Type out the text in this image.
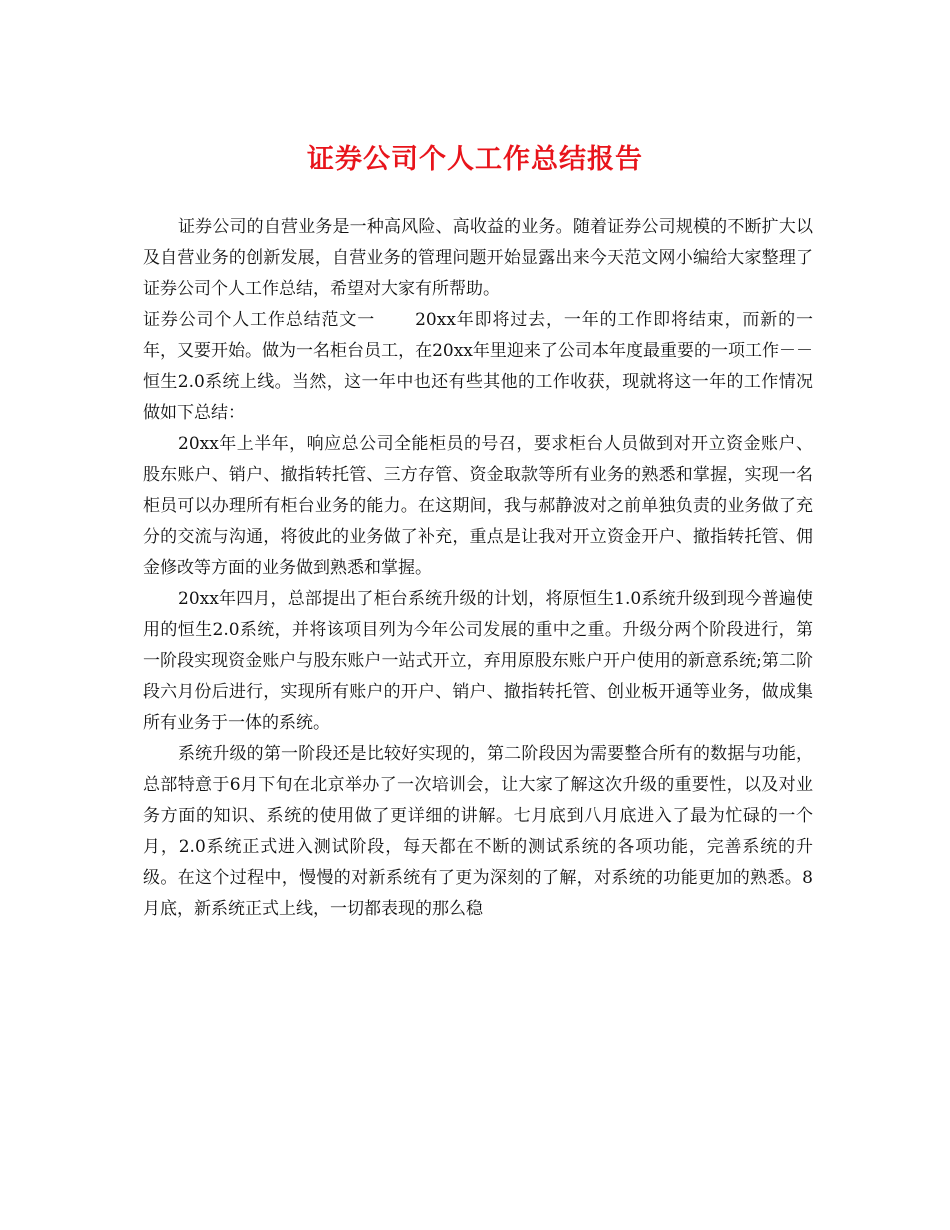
证券公司个人工作总结报告

证券公司的自营业务是一种高风险、高收益的业务。随着证券公司规模的不断扩大以及自营业务的创新发展，自营业务的管理问题开始显露出来今天范文网小编给大家整理了证券公司个人工作总结，希望对大家有所帮助。

证券公司个人工作总结范文一 20xx年即将过去，一年的工作即将结束，而新的一年，又要开始。做为一名柜台员工，在20xx年里迎来了公司本年度最重要的一项工作－－恒生2.0系统上线。当然，这一年中也还有些其他的工作收获，现就将这一年的工作情况做如下总结：

20xx年上半年，响应总公司全能柜员的号召，要求柜台人员做到对开立资金账户、股东账户、销户、撤指转托管、三方存管、资金取款等所有业务的熟悉和掌握，实现一名柜员可以办理所有柜台业务的能力。在这期间，我与郝静波对之前单独负责的业务做了充分的交流与沟通，将彼此的业务做了补充，重点是让我对开立资金开户、撤指转托管、佣金修改等方面的业务做到熟悉和掌握。

20xx年四月，总部提出了柜台系统升级的计划，将原恒生1.0系统升级到现今普遍使用的恒生2.0系统，并将该项目列为今年公司发展的重中之重。升级分两个阶段进行，第一阶段实现资金账户与股东账户一站式开立，弃用原股东账户开户使用的新意系统;第二阶段六月份后进行，实现所有账户的开户、销户、撤指转托管、创业板开通等业务，做成集所有业务于一体的系统。

系统升级的第一阶段还是比较好实现的，第二阶段因为需要整合所有的数据与功能，总部特意于6月下旬在北京举办了一次培训会，让大家了解这次升级的重要性，以及对业务方面的知识、系统的使用做了更详细的讲解。七月底到八月底进入了最为忙碌的一个月，2.0系统正式进入测试阶段，每天都在不断的测试系统的各项功能，完善系统的升级。在这个过程中，慢慢的对新系统有了更为深刻的了解，对系统的功能更加的熟悉。8月底，新系统正式上线，一切都表现的那么稳
